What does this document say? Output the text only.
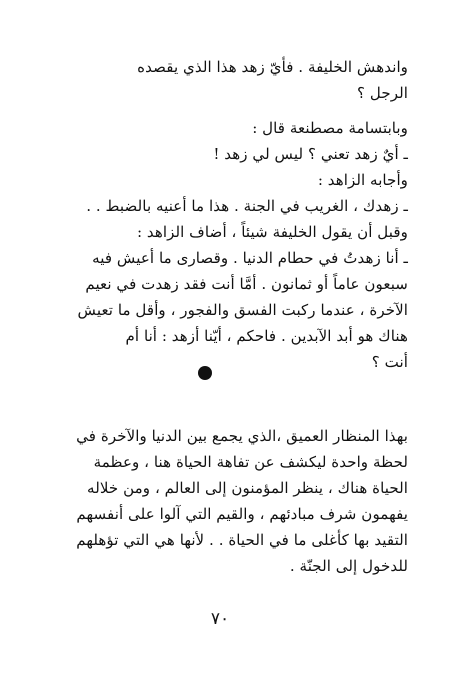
واندهش الخليفة . فأيّ زهد هذا الذي يقصده
الرجل ؟

وبابتسامة مصطنعة قال :
ـ أيٌ زهد تعني ؟ ليس لي زهد !
وأجابه الزاهد :
ـ زهدك ، الغريب في الجنة . هذا ما أعنيه بالضبط . .
وقبل أن يقول الخليفة شيئاً ، أضاف الزاهد :
ـ أنا زهدتُ في حطام الدنيا . وقصارى ما أعيش فيه
سبعون عاماً أو ثمانون . أمَّا أنت فقد زهدت في نعيم
الآخرة ، عندما ركبت الفسق والفجور ، وأقل ما تعيش
هناك هو أبد الآبدين . فاحكم ، أيّنا أزهد : أنا أم
أنت ؟

بهذا المنظار العميق ،الذي يجمع بين الدنيا والآخرة في
لحظة واحدة ليكشف عن تفاهة الحياة هنا ، وعظمة
الحياة هناك ، ينظر المؤمنون إلى العالم ، ومن خلاله
يفهمون شرف مبادئهم ، والقيم التي آلوا على أنفسهم
التقيد بها كأغلى ما في الحياة . . لأنها هي التي تؤهلهم
للدخول إلى الجنّة .

٧٠
